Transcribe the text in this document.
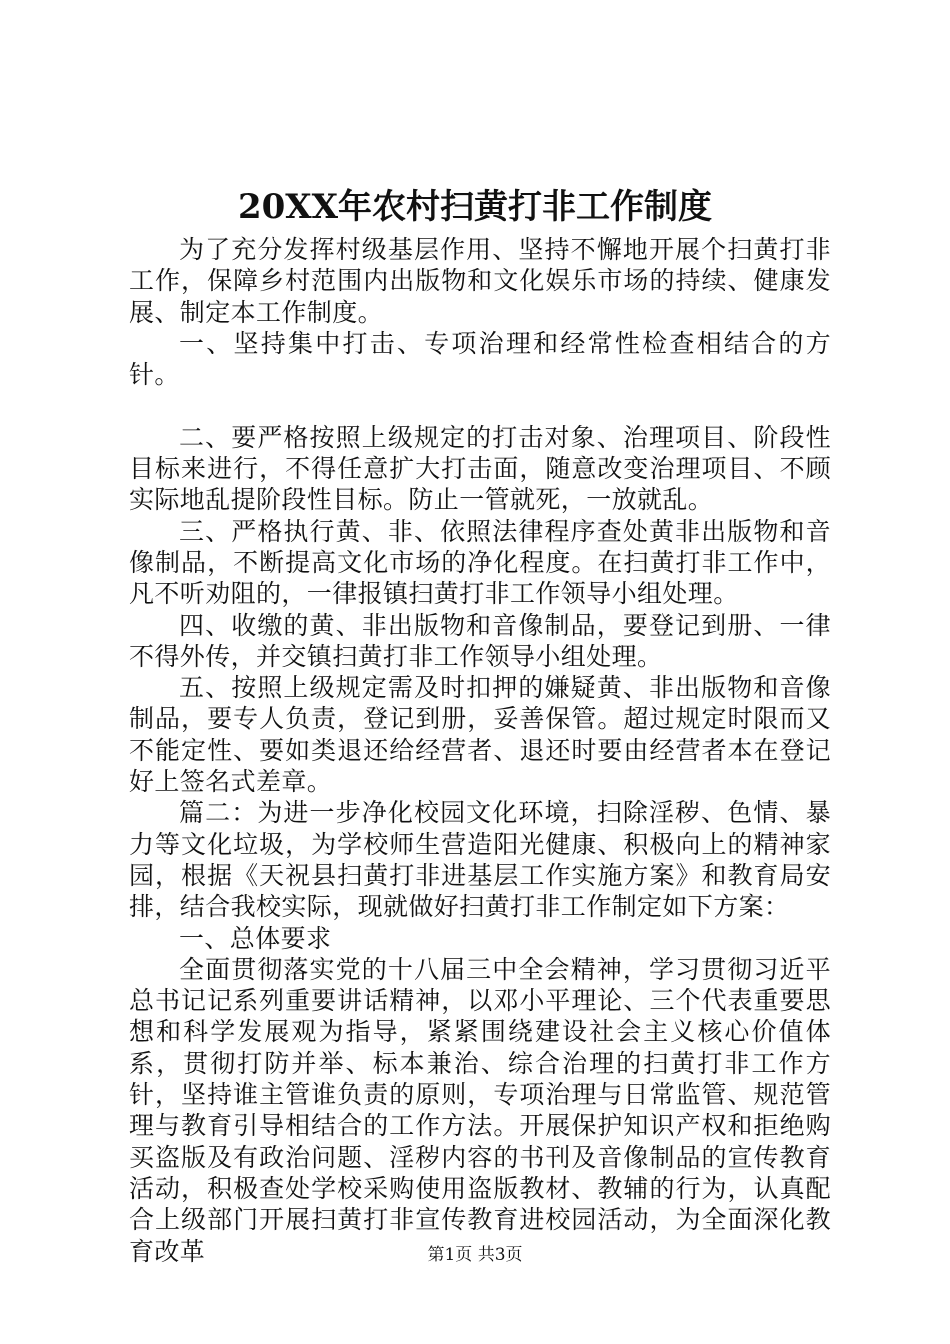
20XX年农村扫黄打非工作制度

为了充分发挥村级基层作用、坚持不懈地开展个扫黄打非工作，保障乡村范围内出版物和文化娱乐市场的持续、健康发展、制定本工作制度。

一、坚持集中打击、专项治理和经常性检查相结合的方针。

二、要严格按照上级规定的打击对象、治理项目、阶段性目标来进行，不得任意扩大打击面，随意改变治理项目、不顾实际地乱提阶段性目标。防止一管就死，一放就乱。

三、严格执行黄、非、依照法律程序查处黄非出版物和音像制品，不断提高文化市场的净化程度。在扫黄打非工作中，凡不听劝阻的，一律报镇扫黄打非工作领导小组处理。

四、收缴的黄、非出版物和音像制品，要登记到册、一律不得外传，并交镇扫黄打非工作领导小组处理。

五、按照上级规定需及时扣押的嫌疑黄、非出版物和音像制品，要专人负责，登记到册，妥善保管。超过规定时限而又不能定性、要如类退还给经营者、退还时要由经营者本在登记好上签名式差章。

篇二：为进一步净化校园文化环境，扫除淫秽、色情、暴力等文化垃圾，为学校师生营造阳光健康、积极向上的精神家园，根据《天祝县扫黄打非进基层工作实施方案》和教育局安排，结合我校实际，现就做好扫黄打非工作制定如下方案：

一、总体要求

全面贯彻落实党的十八届三中全会精神，学习贯彻习近平总书记记系列重要讲话精神，以邓小平理论、三个代表重要思想和科学发展观为指导，紧紧围绕建设社会主义核心价值体系，贯彻打防并举、标本兼治、综合治理的扫黄打非工作方针，坚持谁主管谁负责的原则，专项治理与日常监管、规范管理与教育引导相结合的工作方法。开展保护知识产权和拒绝购买盗版及有政治问题、淫秽内容的书刊及音像制品的宣传教育活动，积极查处学校采购使用盗版教材、教辅的行为，认真配合上级部门开展扫黄打非宣传教育进校园活动，为全面深化教育改革	第1页 共3页
